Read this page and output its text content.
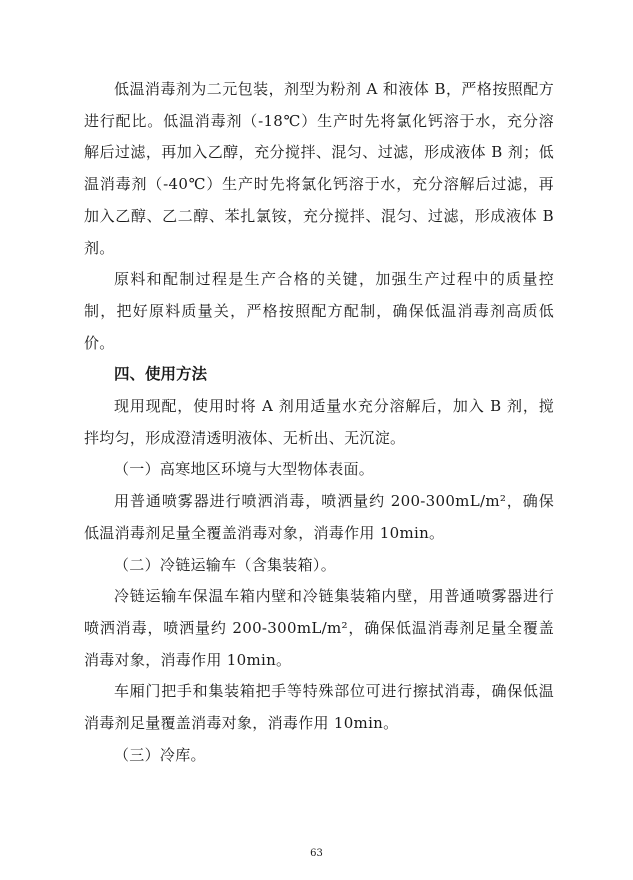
低温消毒剂为二元包装，剂型为粉剂 A 和液体 B，严格按照配方进行配比。低温消毒剂（-18℃）生产时先将氯化钙溶于水，充分溶解后过滤，再加入乙醇，充分搅拌、混匀、过滤，形成液体 B 剂；低温消毒剂（-40℃）生产时先将氯化钙溶于水，充分溶解后过滤，再加入乙醇、乙二醇、苯扎氯铵，充分搅拌、混匀、过滤，形成液体 B 剂。

原料和配制过程是生产合格的关键，加强生产过程中的质量控制，把好原料质量关，严格按照配方配制，确保低温消毒剂高质低价。

四、使用方法

现用现配，使用时将 A 剂用适量水充分溶解后，加入 B 剂，搅拌均匀，形成澄清透明液体、无析出、无沉淀。

（一）高寒地区环境与大型物体表面。

用普通喷雾器进行喷洒消毒，喷洒量约 200-300mL/m²，确保低温消毒剂足量全覆盖消毒对象，消毒作用 10min。

（二）冷链运输车（含集装箱）。

冷链运输车保温车箱内壁和冷链集装箱内壁，用普通喷雾器进行喷洒消毒，喷洒量约 200-300mL/m²，确保低温消毒剂足量全覆盖消毒对象，消毒作用 10min。

车厢门把手和集装箱把手等特殊部位可进行擦拭消毒，确保低温消毒剂足量覆盖消毒对象，消毒作用 10min。

（三）冷库。

63
